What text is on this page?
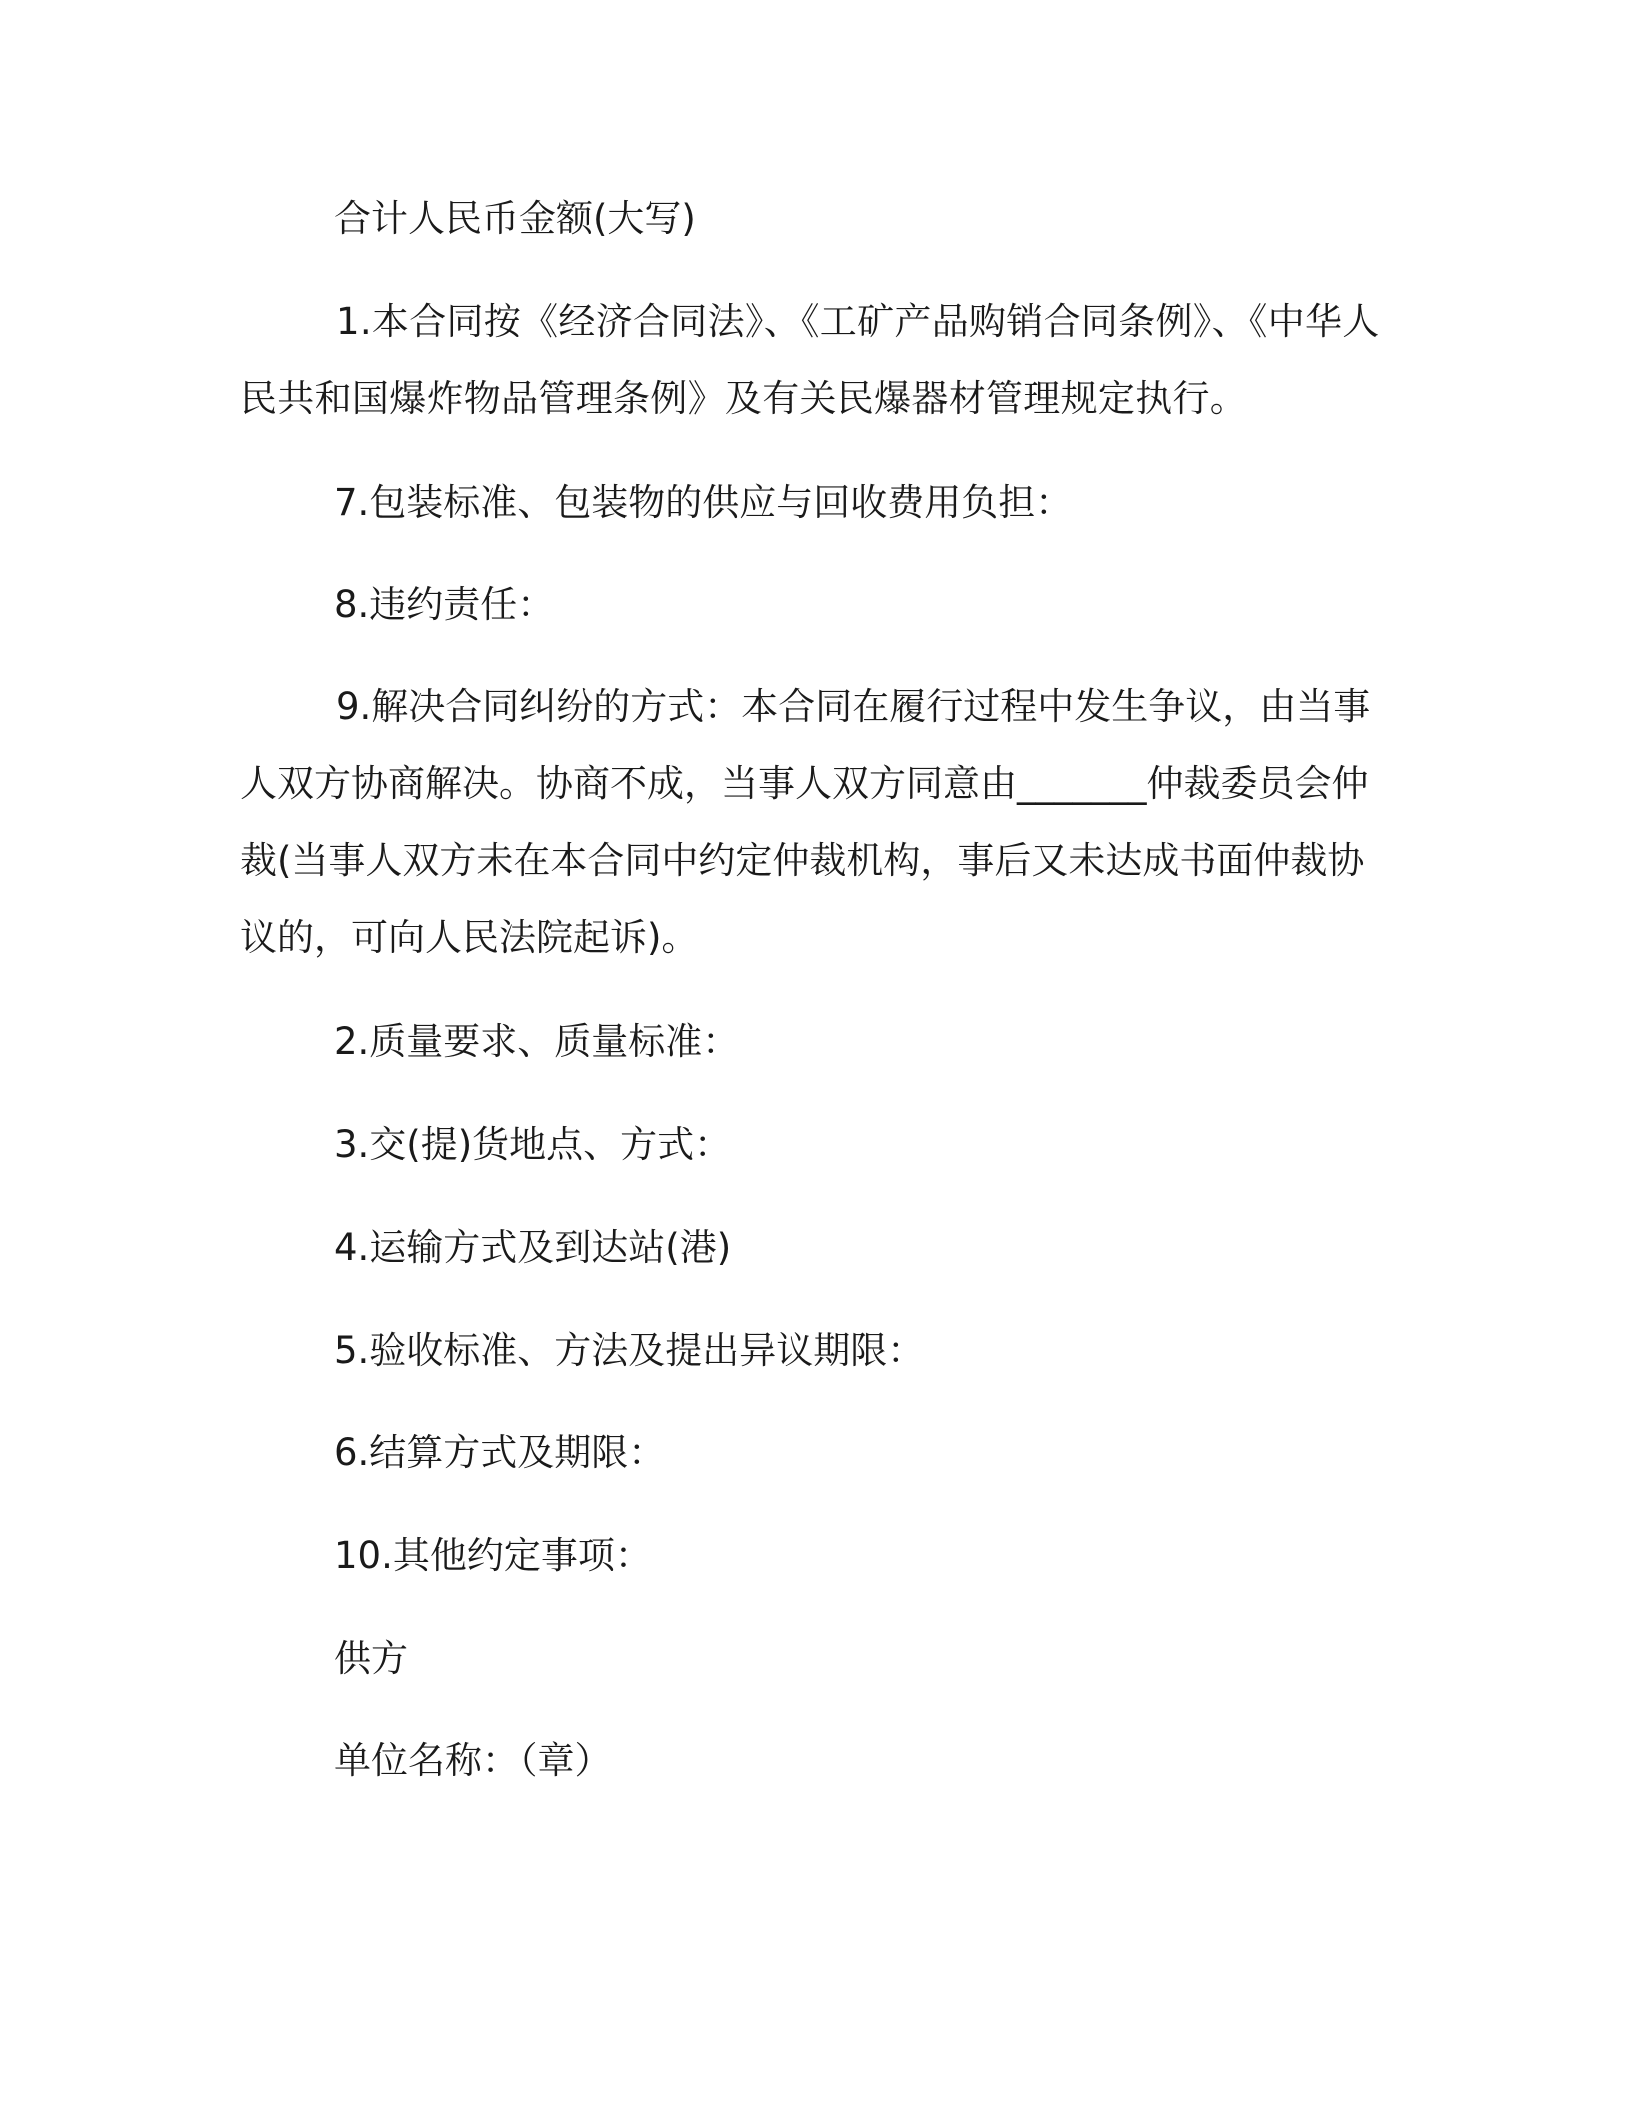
合计人民币金额(大写)

1.本合同按《经济合同法》、《工矿产品购销合同条例》、《中华人民共和国爆炸物品管理条例》及有关民爆器材管理规定执行。

7.包装标准、包装物的供应与回收费用负担：

8.违约责任：

9.解决合同纠纷的方式：本合同在履行过程中发生争议，由当事人双方协商解决。协商不成，当事人双方同意由_______仲裁委员会仲裁(当事人双方未在本合同中约定仲裁机构，事后又未达成书面仲裁协议的，可向人民法院起诉)。

2.质量要求、质量标准：

3.交(提)货地点、方式：

4.运输方式及到达站(港)

5.验收标准、方法及提出异议期限：

6.结算方式及期限：

10.其他约定事项：

供方

单位名称：（章）
